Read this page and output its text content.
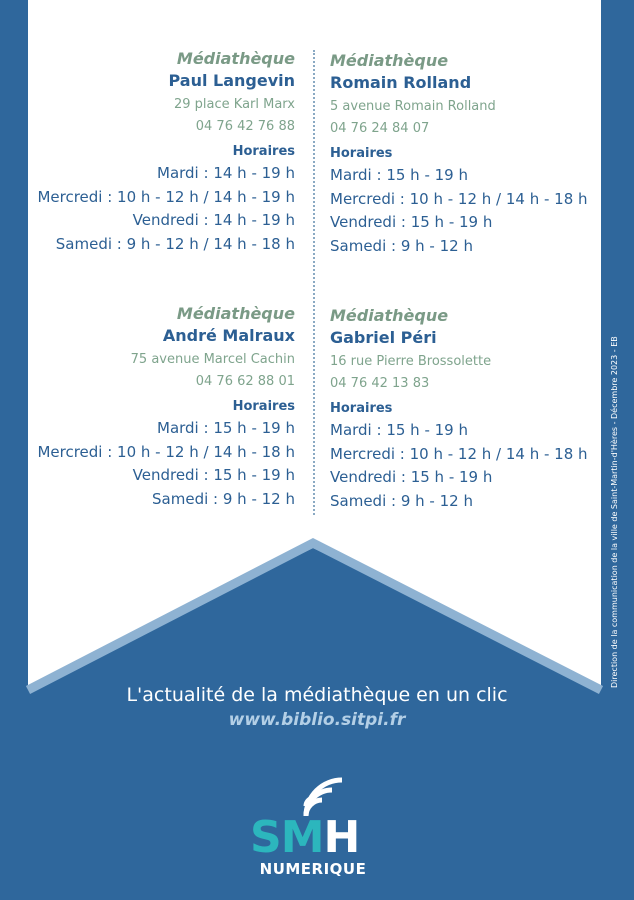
Médiathèque
Paul Langevin
29 place Karl Marx
04 76 42 76 88
Horaires
Mardi : 14 h - 19 h
Mercredi : 10 h - 12 h / 14 h - 19 h
Vendredi : 14 h - 19 h
Samedi : 9 h - 12 h / 14 h - 18 h
Médiathèque
Romain Rolland
5 avenue Romain Rolland
04 76 24 84 07
Horaires
Mardi : 15 h - 19 h
Mercredi : 10 h - 12 h / 14 h - 18 h
Vendredi : 15 h - 19 h
Samedi : 9 h - 12 h
Médiathèque
André Malraux
75 avenue Marcel Cachin
04 76 62 88 01
Horaires
Mardi : 15 h - 19 h
Mercredi : 10 h - 12 h / 14 h - 18 h
Vendredi : 15 h - 19 h
Samedi : 9 h - 12 h
Médiathèque
Gabriel Péri
16 rue Pierre Brossolette
04 76 42 13 83
Horaires
Mardi : 15 h - 19 h
Mercredi : 10 h - 12 h / 14 h - 18 h
Vendredi : 15 h - 19 h
Samedi : 9 h - 12 h
L'actualité de la médiathèque en un clic
www.biblio.sitpi.fr
Direction de la communication de la ville de Saint-Martin-d'Hères - Décembre 2023 - EB
SMH
NUMERIQUE
